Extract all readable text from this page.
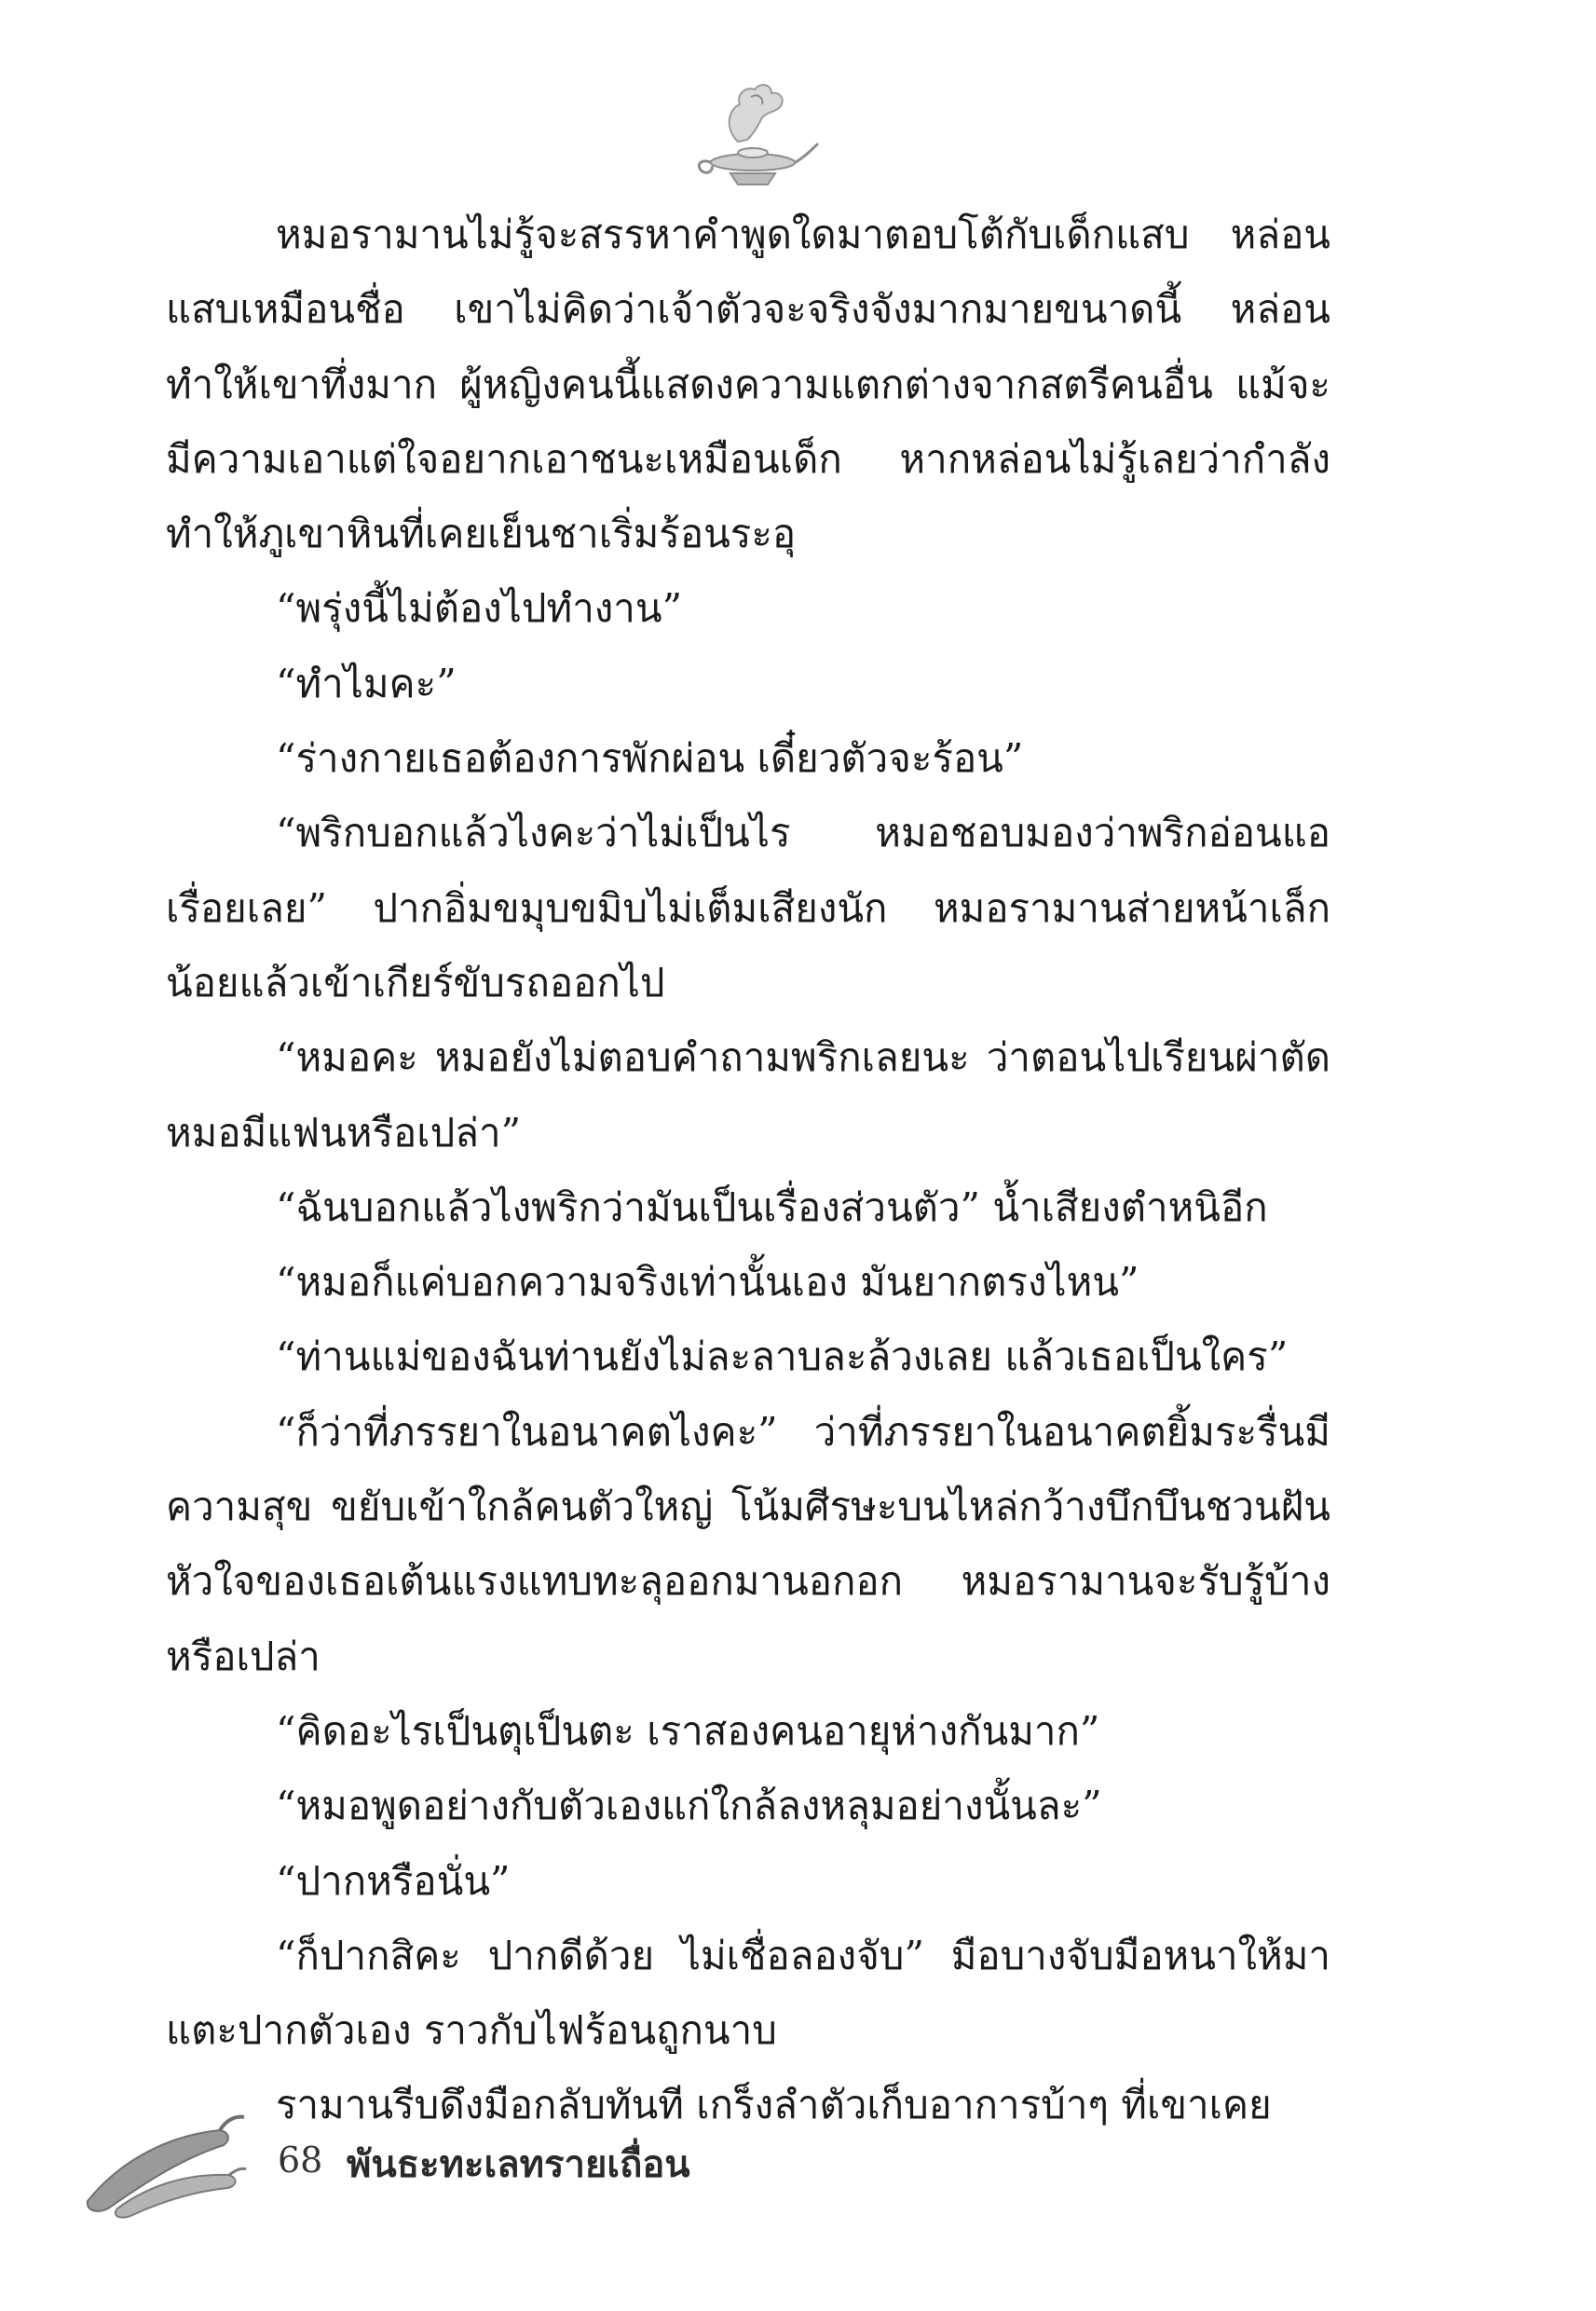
หมอรามานไม่รู้จะสรรหาคำพูดใดมาตอบโต้กับเด็กแสบ หล่อนแสบเหมือนชื่อ เขาไม่คิดว่าเจ้าตัวจะจริงจังมากมายขนาดนี้ หล่อนทำให้เขาทึ่งมาก ผู้หญิงคนนี้แสดงความแตกต่างจากสตรีคนอื่น แม้จะมีความเอาแต่ใจอยากเอาชนะเหมือนเด็ก หากหล่อนไม่รู้เลยว่ากำลังทำให้ภูเขาหินที่เคยเย็นชาเริ่มร้อนระอุ

“พรุ่งนี้ไม่ต้องไปทำงาน”

“ทำไมคะ”

“ร่างกายเธอต้องการพักผ่อน เดี๋ยวตัวจะร้อน”

“พริกบอกแล้วไงคะว่าไม่เป็นไร หมอชอบมองว่าพริกอ่อนแอเรื่อยเลย” ปากอิ่มขมุบขมิบไม่เต็มเสียงนัก หมอรามานส่ายหน้าเล็กน้อยแล้วเข้าเกียร์ขับรถออกไป

“หมอคะ หมอยังไม่ตอบคำถามพริกเลยนะ ว่าตอนไปเรียนผ่าตัดหมอมีแฟนหรือเปล่า”

“ฉันบอกแล้วไงพริกว่ามันเป็นเรื่องส่วนตัว” น้ำเสียงตำหนิอีก

“หมอก็แค่บอกความจริงเท่านั้นเอง มันยากตรงไหน”

“ท่านแม่ของฉันท่านยังไม่ละลาบละล้วงเลย แล้วเธอเป็นใคร”

“ก็ว่าที่ภรรยาในอนาคตไงคะ” ว่าที่ภรรยาในอนาคตยิ้มระรื่นมีความสุข ขยับเข้าใกล้คนตัวใหญ่ โน้มศีรษะบนไหล่กว้างบึกบึนชวนฝันหัวใจของเธอเต้นแรงแทบทะลุออกมานอกอก หมอรามานจะรับรู้บ้างหรือเปล่า

“คิดอะไรเป็นตุเป็นตะ เราสองคนอายุห่างกันมาก”

“หมอพูดอย่างกับตัวเองแก่ใกล้ลงหลุมอย่างนั้นละ”

“ปากหรือนั่น”

“ก็ปากสิคะ ปากดีด้วย ไม่เชื่อลองจับ” มือบางจับมือหนาให้มาแตะปากตัวเอง ราวกับไฟร้อนถูกนาบ

รามานรีบดึงมือกลับทันที เกร็งลำตัวเก็บอาการบ้าๆ ที่เขาเคย

68 พันธะทะเลทรายเถื่อน
